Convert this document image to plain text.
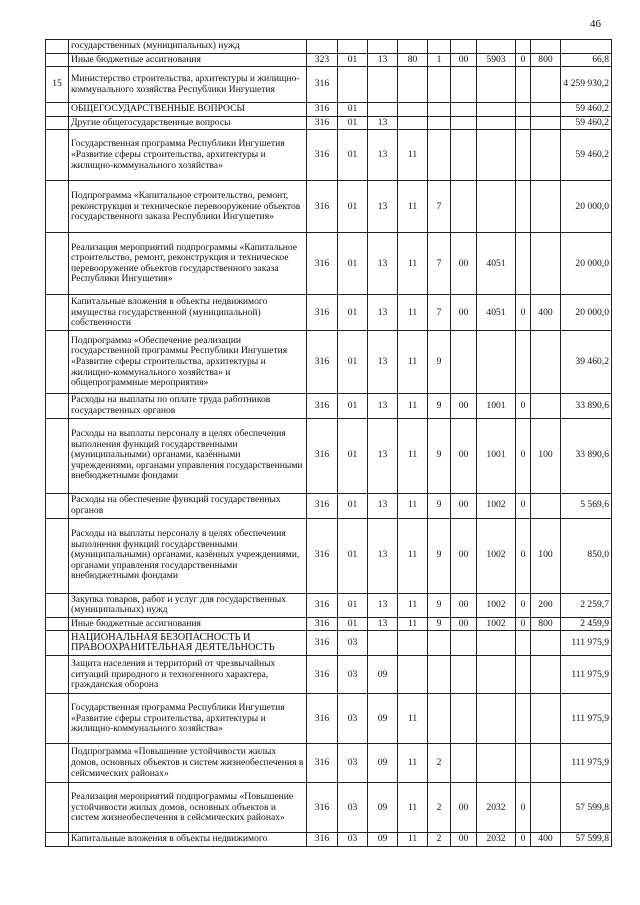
46
	государственных (муниципальных) нужд										
	Иные бюджетные ассигнования	323	01	13	80	1	00	5903	0	800	66,8
15	Министерство строительства, архитектуры и жилищно-коммунального хозяйства Республики Ингушетия	316									4 259 930,2
	ОБЩЕГОСУДАРСТВЕННЫЕ ВОПРОСЫ	316	01								59 460,2
	Другие общегосударственные вопросы	316	01	13							59 460,2
	Государственная программа Республики Ингушетия «Развитие сферы строительства, архитектуры и жилищно-коммунального хозяйства»	316	01	13	11						59 460,2
	Подпрограмма «Капитальное строительство, ремонт, реконструкция и техническое перевооружение объектов государственного заказа Республики Ингушетия»	316	01	13	11	7					20 000,0
	Реализация мероприятий подпрограммы «Капитальное строительство, ремонт, реконструкция и техническое перевооружение объектов государственного заказа Республики Ингушетия»	316	01	13	11	7	00	4051			20 000,0
	Капитальные вложения в объекты недвижимого имущества государственной (муниципальной) собственности	316	01	13	11	7	00	4051	0	400	20 000,0
	Подпрограмма «Обеспечение реализации государственной программы Республики Ингушетия «Развитие сферы строительства, архитектуры и жилищно-коммунального хозяйства» и общепрограммные мероприятия»	316	01	13	11	9					39 460,2
	Расходы на выплаты по оплате труда работников государственных органов	316	01	13	11	9	00	1001	0		33 890,6
	Расходы на выплаты персоналу в целях обеспечения выполнения функций государственными (муниципальными) органами, казёнными учреждениями, органами управления государственными внебюджетными фондами	316	01	13	11	9	00	1001	0	100	33 890,6
	Расходы на обеспечение функций государственных органов	316	01	13	11	9	00	1002	0		5 569,6
	Расходы на выплаты персоналу в целях обеспечения выполнения функций государственными (муниципальными) органами, казённых учреждениями, органами управления государственными внебюджетными фондами	316	01	13	11	9	00	1002	0	100	850,0
	Закупка товаров, работ и услуг для государственных (муниципальных) нужд	316	01	13	11	9	00	1002	0	200	2 259,7
	Иные бюджетные ассигнования	316	01	13	11	9	00	1002	0	800	2 459,9
	НАЦИОНАЛЬНАЯ БЕЗОПАСНОСТЬ И ПРАВООХРАНИТЕЛЬНАЯ ДЕЯТЕЛЬНОСТЬ	316	03								111 975,9
	Защита населения и территорий от чрезвычайных ситуаций природного и техногенного характера, гражданская оборона	316	03	09							111 975,9
	Государственная программа Республики Ингушетия «Развитие сферы строительства, архитектуры и жилищно-коммунального хозяйства»	316	03	09	11						111 975,9
	Подпрограмма «Повышение устойчивости жилых домов, основных объектов и систем жизнеобеспечения в сейсмических районах»	316	03	09	11	2					111 975,9
	Реализация мероприятий подпрограммы «Повышение устойчивости жилых домов, основных объектов и систем жизнеобеспечения в сейсмических районах»	316	03	09	11	2	00	2032	0		57 599,8
	Капитальные вложения в объекты недвижимого	316	03	09	11	2	00	2032	0	400	57 599,8
